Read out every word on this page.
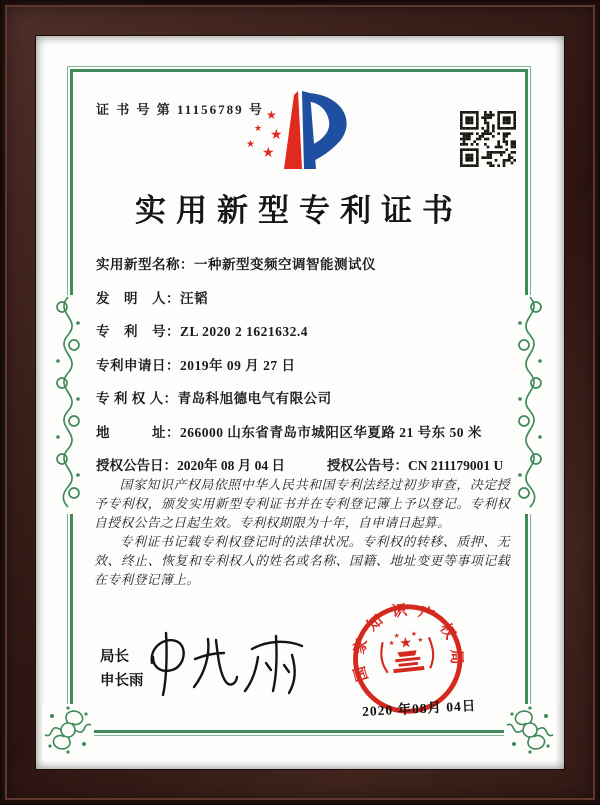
证 书 号 第 11156789 号 ★
★ ★
★
★
实用新型专利证书
实用新型名称：一种新型变频空调智能测试仪
发　明　人：汪韬
专　利　号：ZL 2020 2 1621632.4
专利申请日：2019年 09 月 27 日
专 利 权 人：青岛科旭德电气有限公司
地　　　址：266000 山东省青岛市城阳区华夏路 21 号东 50 米
授权公告日：2020年 08 月 04 日	授权公告号：CN 211179001 U

国家知识产权局依照中华人民共和国专利法经过初步审查，决定授予专利权，颁发实用新型专利证书并在专利登记簿上予以登记。专利权自授权公告之日起生效。专利权期限为十年，自申请日起算。

专利证书记载专利权登记时的法律状况。专利权的转移、质押、无效、终止、恢复和专利权人的姓名或名称、国籍、地址变更等事项记载在专利登记簿上。

局长
申长雨	国家知识产权局
★
★
★ ★
★
2020 年08月 04日
